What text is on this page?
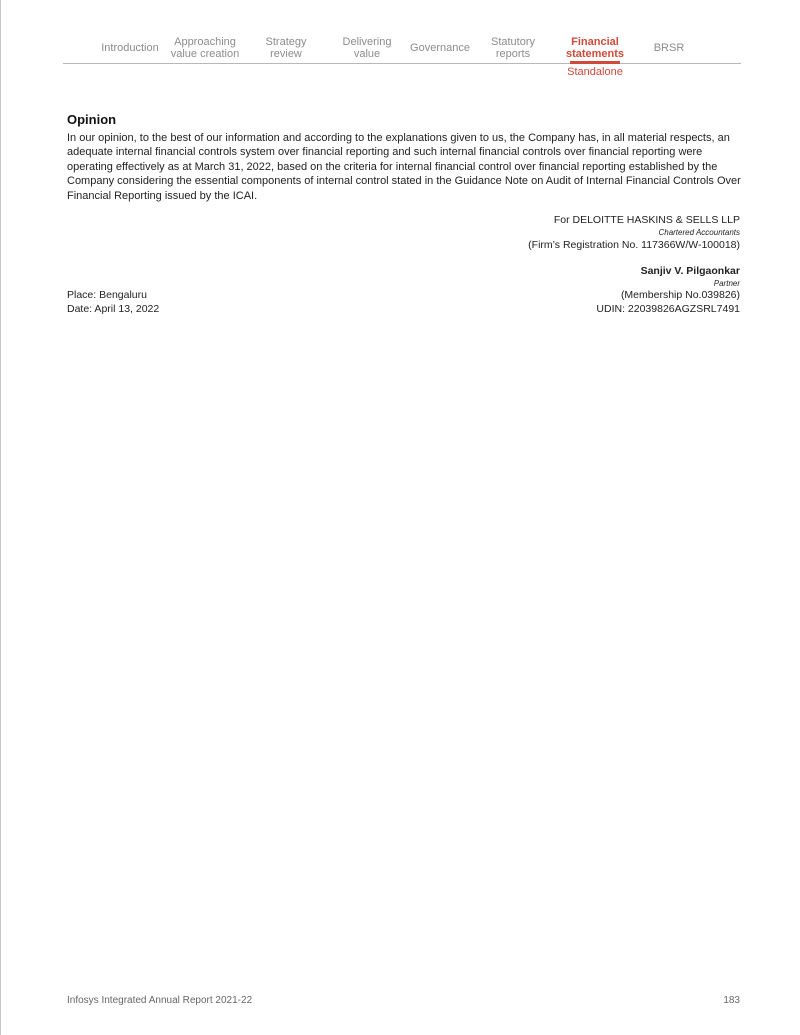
Introduction	Approaching
value creation
Strategy
review
Delivering
value	Governance	Statutory
reports
Financial
statements	BRSR
Standalone
Opinion
In our opinion, to the best of our information and according to the explanations given to us, the Company has, in all material respects, an adequate internal financial controls system over financial reporting and such internal financial controls over financial reporting were operating effectively as at March 31, 2022, based on the criteria for internal financial control over financial reporting established by the Company considering the essential components of internal control stated in the Guidance Note on Audit of Internal Financial Controls Over Financial Reporting issued by the ICAI.
For DELOITTE HASKINS & SELLS LLP
Chartered Accountants
(Firm’s Registration No. 117366W/W-100018)
Sanjiv V. Pilgaonkar
Partner
(Membership No.039826)
UDIN: 22039826AGZSRL7491
Place: Bengaluru
Date: April 13, 2022
Infosys Integrated Annual Report 2021-22	183
